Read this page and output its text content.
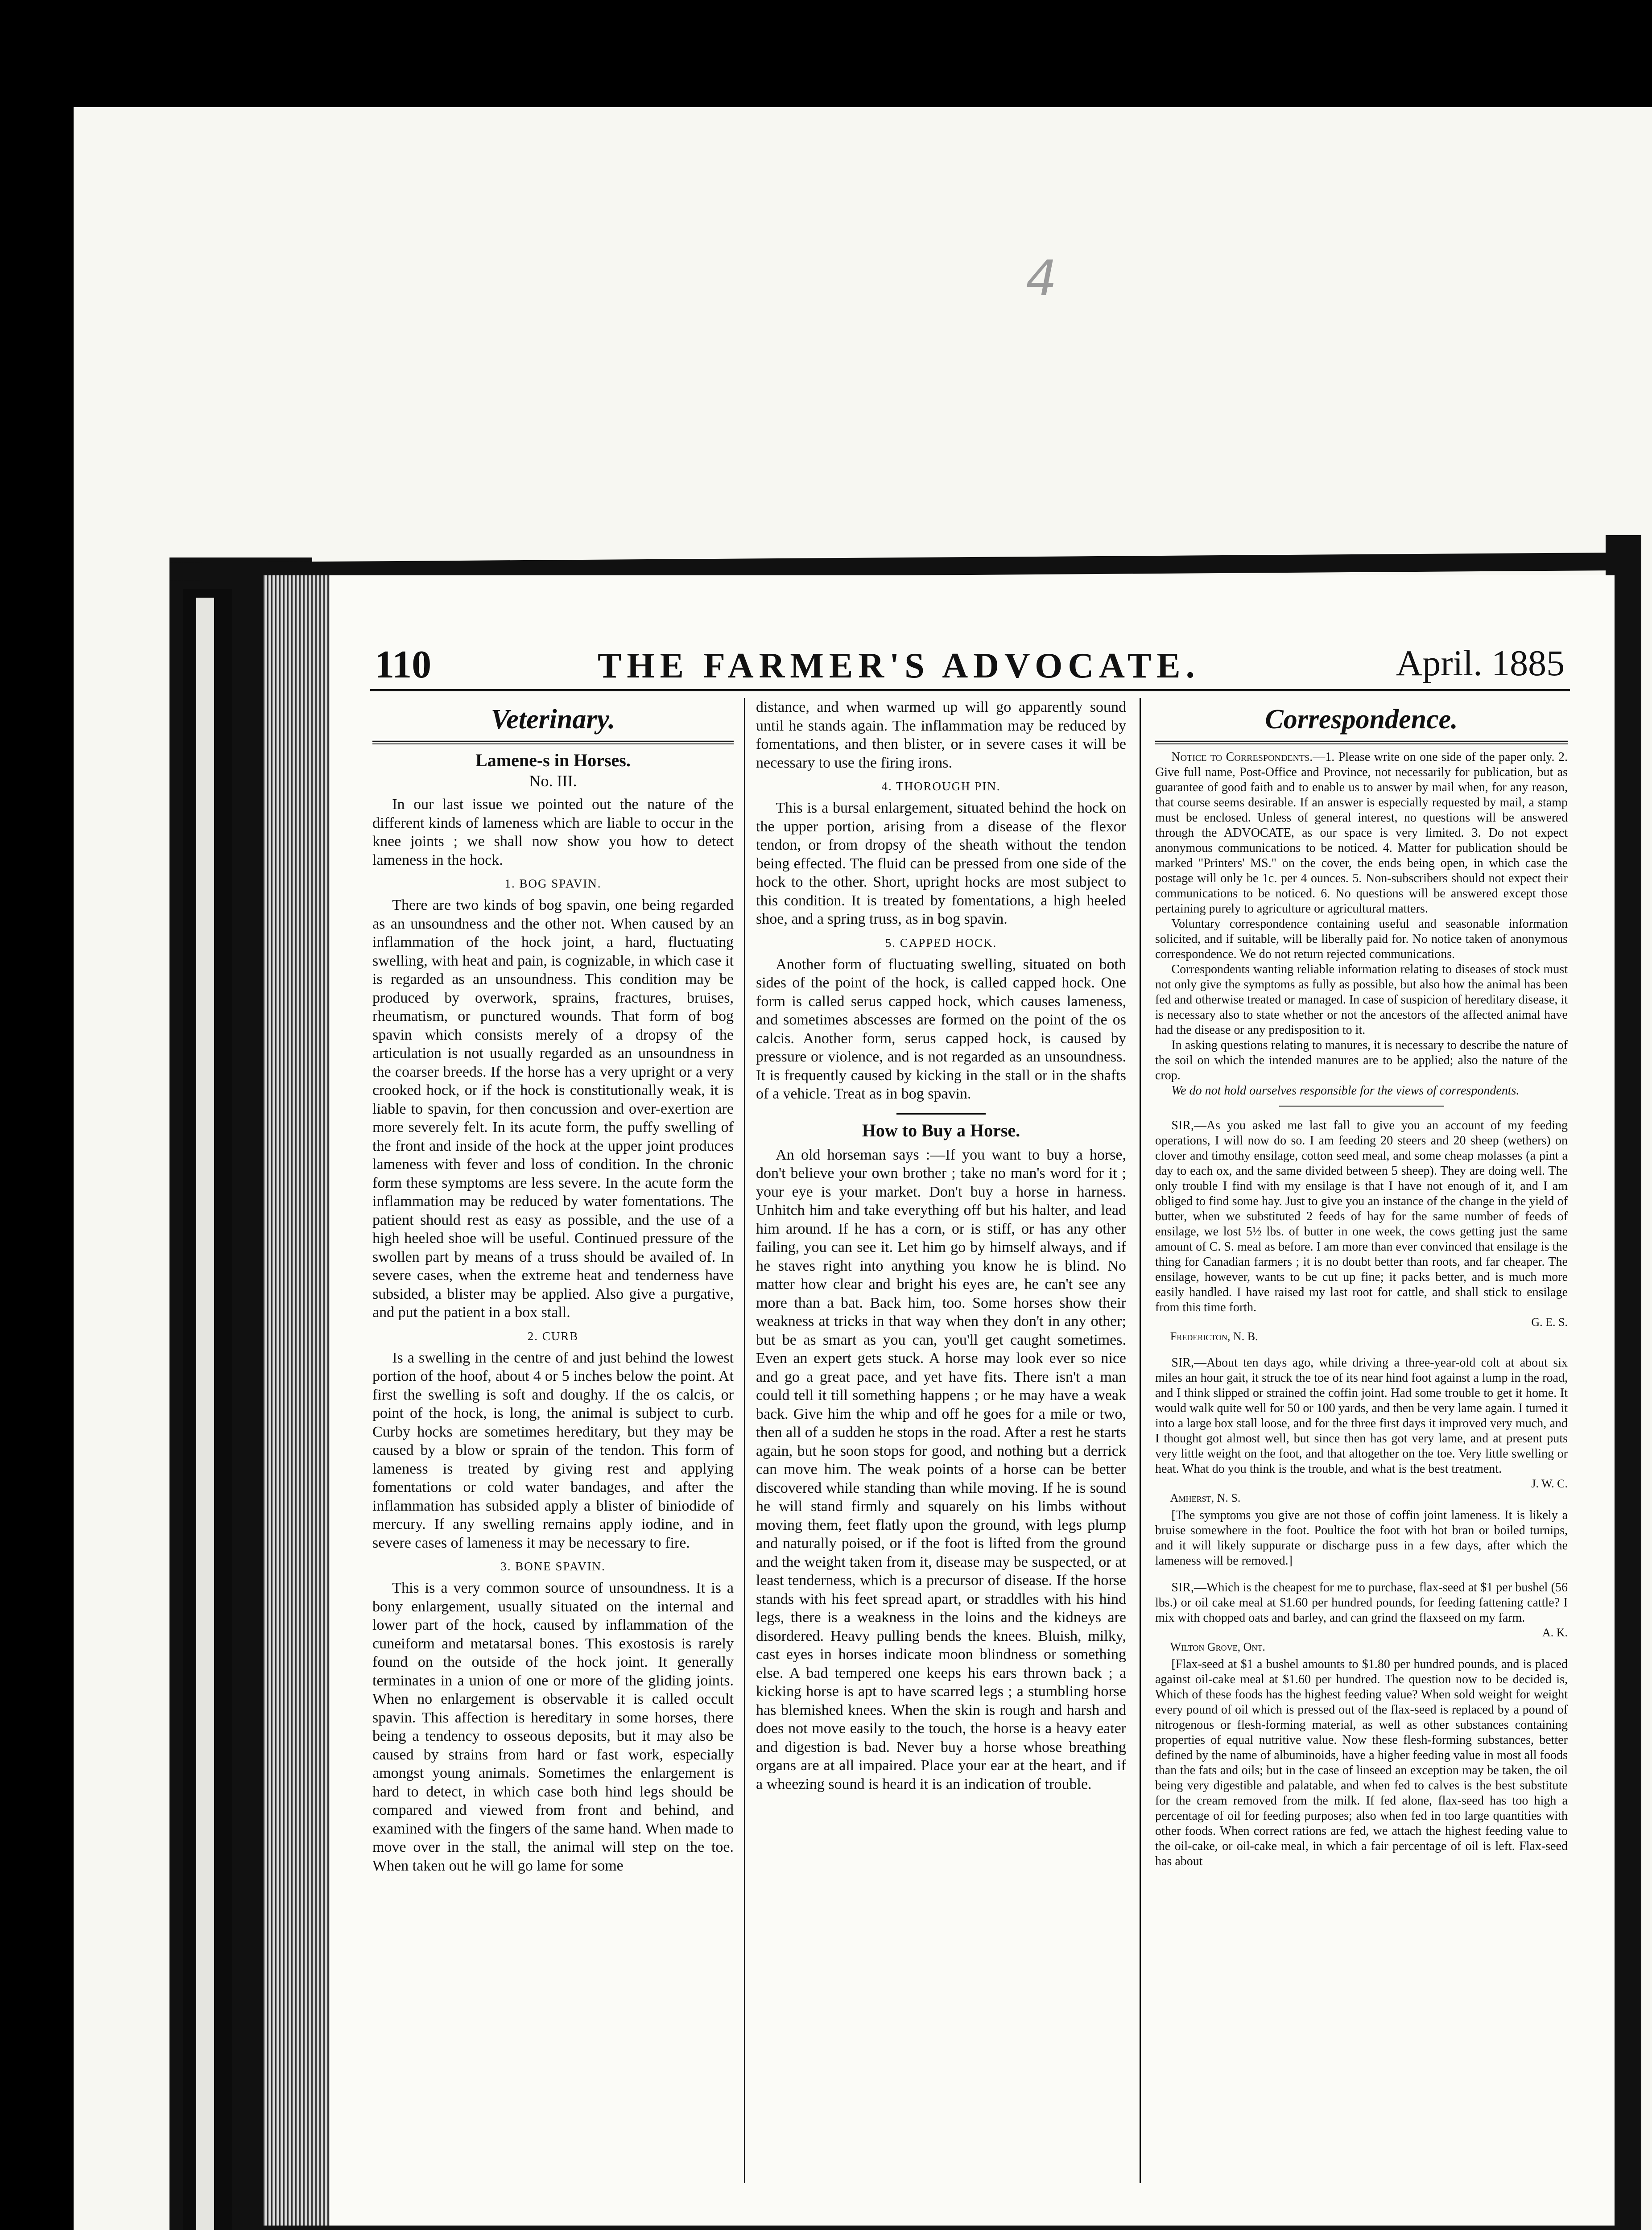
4
110	THE FARMER'S ADVOCATE.	April. 1885
Veterinary.
Lamene-s in Horses.
No. III.

In our last issue we pointed out the nature of the different kinds of lameness which are liable to occur in the knee joints ; we shall now show you how to detect lameness in the hock.

1. BOG SPAVIN.

There are two kinds of bog spavin, one being regarded as an unsoundness and the other not. When caused by an inflammation of the hock joint, a hard, fluctuating swelling, with heat and pain, is cognizable, in which case it is regarded as an unsoundness. This condition may be produced by overwork, sprains, fractures, bruises, rheumatism, or punctured wounds. That form of bog spavin which consists merely of a dropsy of the articulation is not usually regarded as an unsoundness in the coarser breeds. If the horse has a very upright or a very crooked hock, or if the hock is constitutionally weak, it is liable to spavin, for then concussion and over-exertion are more severely felt. In its acute form, the puffy swelling of the front and inside of the hock at the upper joint produces lameness with fever and loss of condition. In the chronic form these symptoms are less severe. In the acute form the inflammation may be reduced by water fomentations. The patient should rest as easy as possible, and the use of a high heeled shoe will be useful. Continued pressure of the swollen part by means of a truss should be availed of. In severe cases, when the extreme heat and tenderness have subsided, a blister may be applied. Also give a purgative, and put the patient in a box stall.

2. CURB

Is a swelling in the centre of and just behind the lowest portion of the hoof, about 4 or 5 inches below the point. At first the swelling is soft and doughy. If the os calcis, or point of the hock, is long, the animal is subject to curb. Curby hocks are sometimes hereditary, but they may be caused by a blow or sprain of the tendon. This form of lameness is treated by giving rest and applying fomentations or cold water bandages, and after the inflammation has subsided apply a blister of biniodide of mercury. If any swelling remains apply iodine, and in severe cases of lameness it may be necessary to fire.

3. BONE SPAVIN.

This is a very common source of unsoundness. It is a bony enlargement, usually situated on the internal and lower part of the hock, caused by inflammation of the cuneiform and metatarsal bones. This exostosis is rarely found on the outside of the hock joint. It generally terminates in a union of one or more of the gliding joints. When no enlargement is observable it is called occult spavin. This affection is hereditary in some horses, there being a tendency to osseous deposits, but it may also be caused by strains from hard or fast work, especially amongst young animals. Sometimes the enlargement is hard to detect, in which case both hind legs should be compared and viewed from front and behind, and examined with the fingers of the same hand. When made to move over in the stall, the animal will step on the toe. When taken out he will go lame for some

distance, and when warmed up will go apparently sound until he stands again. The inflammation may be reduced by fomentations, and then blister, or in severe cases it will be necessary to use the firing irons.

4. THOROUGH PIN.

This is a bursal enlargement, situated behind the hock on the upper portion, arising from a disease of the flexor tendon, or from dropsy of the sheath without the tendon being effected. The fluid can be pressed from one side of the hock to the other. Short, upright hocks are most subject to this condition. It is treated by fomentations, a high heeled shoe, and a spring truss, as in bog spavin.

5. CAPPED HOCK.

Another form of fluctuating swelling, situated on both sides of the point of the hock, is called capped hock. One form is called serus capped hock, which causes lameness, and sometimes abscesses are formed on the point of the os calcis. Another form, serus capped hock, is caused by pressure or violence, and is not regarded as an unsoundness. It is frequently caused by kicking in the stall or in the shafts of a vehicle. Treat as in bog spavin.

How to Buy a Horse.

An old horseman says :—If you want to buy a horse, don't believe your own brother ; take no man's word for it ; your eye is your market. Don't buy a horse in harness. Unhitch him and take everything off but his halter, and lead him around. If he has a corn, or is stiff, or has any other failing, you can see it. Let him go by himself always, and if he staves right into anything you know he is blind. No matter how clear and bright his eyes are, he can't see any more than a bat. Back him, too. Some horses show their weakness at tricks in that way when they don't in any other; but be as smart as you can, you'll get caught sometimes. Even an expert gets stuck. A horse may look ever so nice and go a great pace, and yet have fits. There isn't a man could tell it till something happens ; or he may have a weak back. Give him the whip and off he goes for a mile or two, then all of a sudden he stops in the road. After a rest he starts again, but he soon stops for good, and nothing but a derrick can move him. The weak points of a horse can be better discovered while standing than while moving. If he is sound he will stand firmly and squarely on his limbs without moving them, feet flatly upon the ground, with legs plump and naturally poised, or if the foot is lifted from the ground and the weight taken from it, disease may be suspected, or at least tenderness, which is a precursor of disease. If the horse stands with his feet spread apart, or straddles with his hind legs, there is a weakness in the loins and the kidneys are disordered. Heavy pulling bends the knees. Bluish, milky, cast eyes in horses indicate moon blindness or something else. A bad tempered one keeps his ears thrown back ; a kicking horse is apt to have scarred legs ; a stumbling horse has blemished knees. When the skin is rough and harsh and does not move easily to the touch, the horse is a heavy eater and digestion is bad. Never buy a horse whose breathing organs are at all impaired. Place your ear at the heart, and if a wheezing sound is heard it is an indication of trouble.

Correspondence.

Notice to Correspondents.—1. Please write on one side of the paper only. 2. Give full name, Post-Office and Province, not necessarily for publication, but as guarantee of good faith and to enable us to answer by mail when, for any reason, that course seems desirable. If an answer is especially requested by mail, a stamp must be enclosed. Unless of general interest, no questions will be answered through the ADVOCATE, as our space is very limited. 3. Do not expect anonymous communications to be noticed. 4. Matter for publication should be marked "Printers' MS." on the cover, the ends being open, in which case the postage will only be 1c. per 4 ounces. 5. Non-subscribers should not expect their communications to be noticed. 6. No questions will be answered except those pertaining purely to agriculture or agricultural matters.

Voluntary correspondence containing useful and seasonable information solicited, and if suitable, will be liberally paid for. No notice taken of anonymous correspondence. We do not return rejected communications.

Correspondents wanting reliable information relating to diseases of stock must not only give the symptoms as fully as possible, but also how the animal has been fed and otherwise treated or managed. In case of suspicion of hereditary disease, it is necessary also to state whether or not the ancestors of the affected animal have had the disease or any predisposition to it.

In asking questions relating to manures, it is necessary to describe the nature of the soil on which the intended manures are to be applied; also the nature of the crop.

We do not hold ourselves responsible for the views of correspondents.

SIR,—As you asked me last fall to give you an account of my feeding operations, I will now do so. I am feeding 20 steers and 20 sheep (wethers) on clover and timothy ensilage, cotton seed meal, and some cheap molasses (a pint a day to each ox, and the same divided between 5 sheep). They are doing well. The only trouble I find with my ensilage is that I have not enough of it, and I am obliged to find some hay. Just to give you an instance of the change in the yield of butter, when we substituted 2 feeds of hay for the same number of feeds of ensilage, we lost 5½ lbs. of butter in one week, the cows getting just the same amount of C. S. meal as before. I am more than ever convinced that ensilage is the thing for Canadian farmers ; it is no doubt better than roots, and far cheaper. The ensilage, however, wants to be cut up fine; it packs better, and is much more easily handled. I have raised my last root for cattle, and shall stick to ensilage from this time forth.

G. E. S.
Fredericton, N. B.

SIR,—About ten days ago, while driving a three-year-old colt at about six miles an hour gait, it struck the toe of its near hind foot against a lump in the road, and I think slipped or strained the coffin joint. Had some trouble to get it home. It would walk quite well for 50 or 100 yards, and then be very lame again. I turned it into a large box stall loose, and for the three first days it improved very much, and I thought got almost well, but since then has got very lame, and at present puts very little weight on the foot, and that altogether on the toe. Very little swelling or heat. What do you think is the trouble, and what is the best treatment.

J. W. C.
Amherst, N. S.

[The symptoms you give are not those of coffin joint lameness. It is likely a bruise somewhere in the foot. Poultice the foot with hot bran or boiled turnips, and it will likely suppurate or discharge puss in a few days, after which the lameness will be removed.]

SIR,—Which is the cheapest for me to purchase, flax-seed at $1 per bushel (56 lbs.) or oil cake meal at $1.60 per hundred pounds, for feeding fattening cattle? I mix with chopped oats and barley, and can grind the flaxseed on my farm.

A. K.
Wilton Grove, Ont.

[Flax-seed at $1 a bushel amounts to $1.80 per hundred pounds, and is placed against oil-cake meal at $1.60 per hundred. The question now to be decided is, Which of these foods has the highest feeding value? When sold weight for weight every pound of oil which is pressed out of the flax-seed is replaced by a pound of nitrogenous or flesh-forming material, as well as other substances containing properties of equal nutritive value. Now these flesh-forming substances, better defined by the name of albuminoids, have a higher feeding value in most all foods than the fats and oils; but in the case of linseed an exception may be taken, the oil being very digestible and palatable, and when fed to calves is the best substitute for the cream removed from the milk. If fed alone, flax-seed has too high a percentage of oil for feeding purposes; also when fed in too large quantities with other foods. When correct rations are fed, we attach the highest feeding value to the oil-cake, or oil-cake meal, in which a fair percentage of oil is left. Flax-seed has about
